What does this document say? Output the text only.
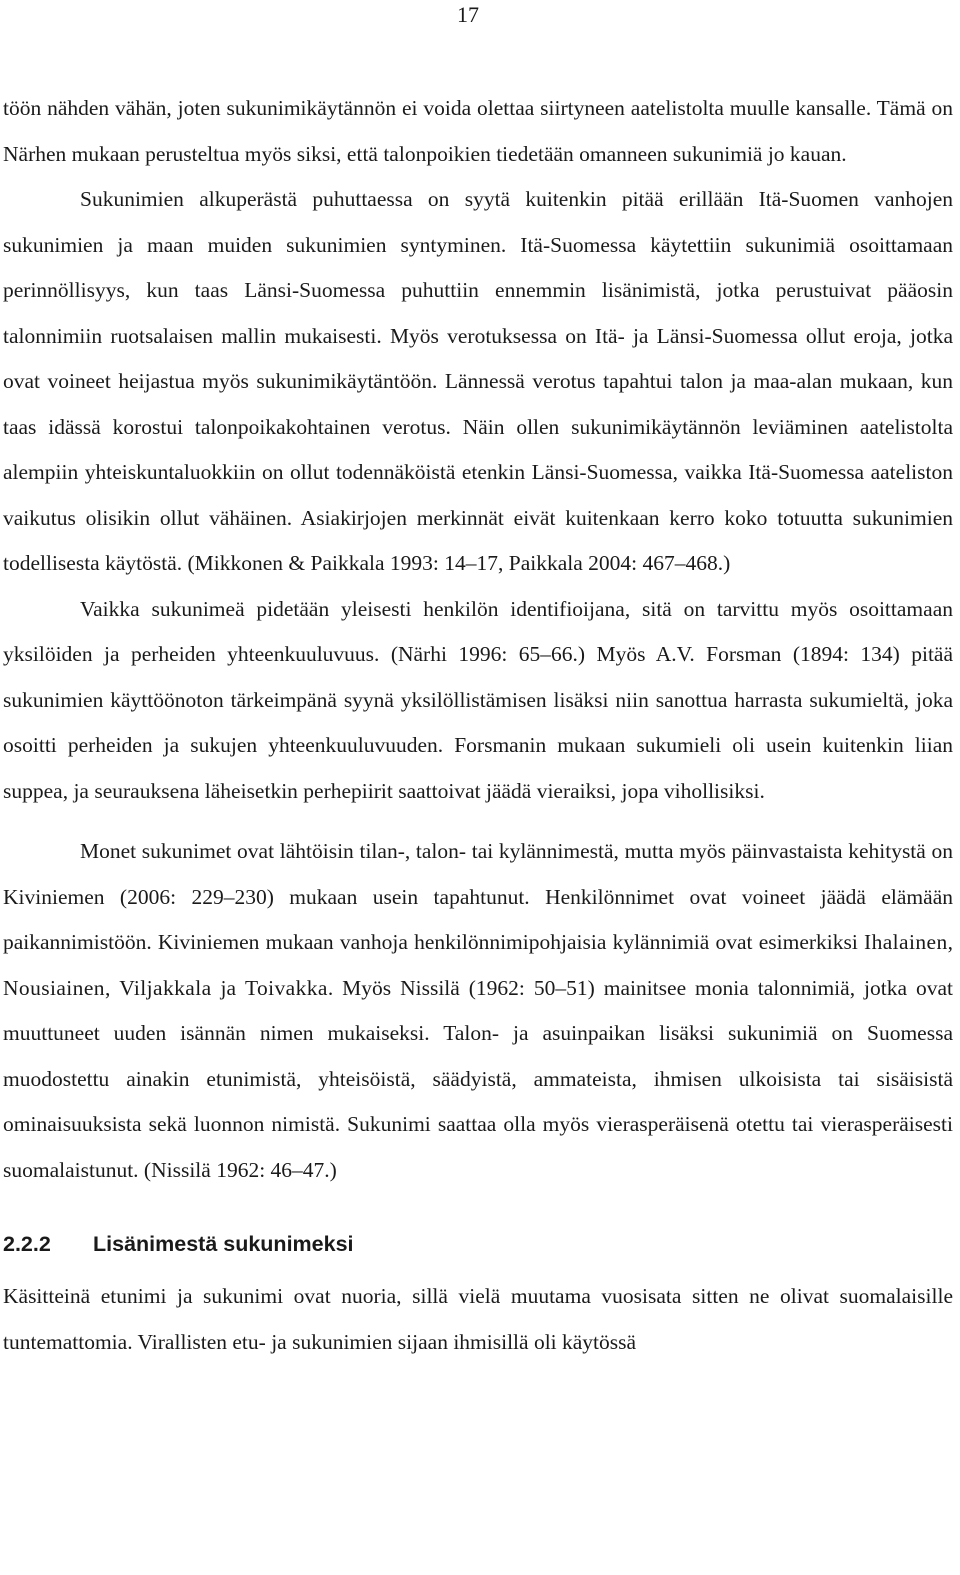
17

töön nähden vähän, joten sukunimikäytännön ei voida olettaa siirtyneen aatelistolta muulle kansalle. Tämä on Närhen mukaan perusteltua myös siksi, että talonpoikien tiedetään omanneen sukunimiä jo kauan.

Sukunimien alkuperästä puhuttaessa on syytä kuitenkin pitää erillään Itä-Suomen vanhojen sukunimien ja maan muiden sukunimien syntyminen. Itä-Suomessa käytettiin sukunimiä osoittamaan perinnöllisyys, kun taas Länsi-Suomessa puhuttiin ennemmin lisänimistä, jotka perustuivat pääosin talonnimiin ruotsalaisen mallin mukaisesti. Myös verotuksessa on Itä- ja Länsi-Suomessa ollut eroja, jotka ovat voineet heijastua myös sukunimikäytäntöön. Lännessä verotus tapahtui talon ja maa-alan mukaan, kun taas idässä korostui talonpoikakohtainen verotus. Näin ollen sukunimikäytännön leviäminen aatelistolta alempiin yhteiskuntaluokkiin on ollut todennäköistä etenkin Länsi-Suomessa, vaikka Itä-Suomessa aateliston vaikutus olisikin ollut vähäinen. Asiakirjojen merkinnät eivät kuitenkaan kerro koko totuutta sukunimien todellisesta käytöstä. (Mikkonen & Paikkala 1993: 14–17, Paikkala 2004: 467–468.)

Vaikka sukunimeä pidetään yleisesti henkilön identifioijana, sitä on tarvittu myös osoittamaan yksilöiden ja perheiden yhteenkuuluvuus. (Närhi 1996: 65–66.) Myös A.V. Forsman (1894: 134) pitää sukunimien käyttöönoton tärkeimpänä syynä yksilöllistämisen lisäksi niin sanottua harrasta sukumieltä, joka osoitti perheiden ja sukujen yhteenkuuluvuuden. Forsmanin mukaan sukumieli oli usein kuitenkin liian suppea, ja seurauksena läheisetkin perhepiirit saattoivat jäädä vieraiksi, jopa vihollisiksi.

Monet sukunimet ovat lähtöisin tilan-, talon- tai kylännimestä, mutta myös päinvastaista kehitystä on Kiviniemen (2006: 229–230) mukaan usein tapahtunut. Henkilönnimet ovat voineet jäädä elämään paikannimistöön. Kiviniemen mukaan vanhoja henkilönnimipohjaisia kylännimiä ovat esimerkiksi Ihalainen, Nousiainen, Viljakkala ja Toivakka. Myös Nissilä (1962: 50–51) mainitsee monia talonnimiä, jotka ovat muuttuneet uuden isännän nimen mukaiseksi. Talon- ja asuinpaikan lisäksi sukunimiä on Suomessa muodostettu ainakin etunimistä, yhteisöistä, säädyistä, ammateista, ihmisen ulkoisista tai sisäisistä ominaisuuksista sekä luonnon nimistä. Sukunimi saattaa olla myös vierasperäisenä otettu tai vierasperäisesti suomalaistunut. (Nissilä 1962: 46–47.)

2.2.2	Lisänimestä sukunimeksi

Käsitteinä etunimi ja sukunimi ovat nuoria, sillä vielä muutama vuosisata sitten ne olivat suomalaisille tuntemattomia. Virallisten etu- ja sukunimien sijaan ihmisillä oli käytössä
